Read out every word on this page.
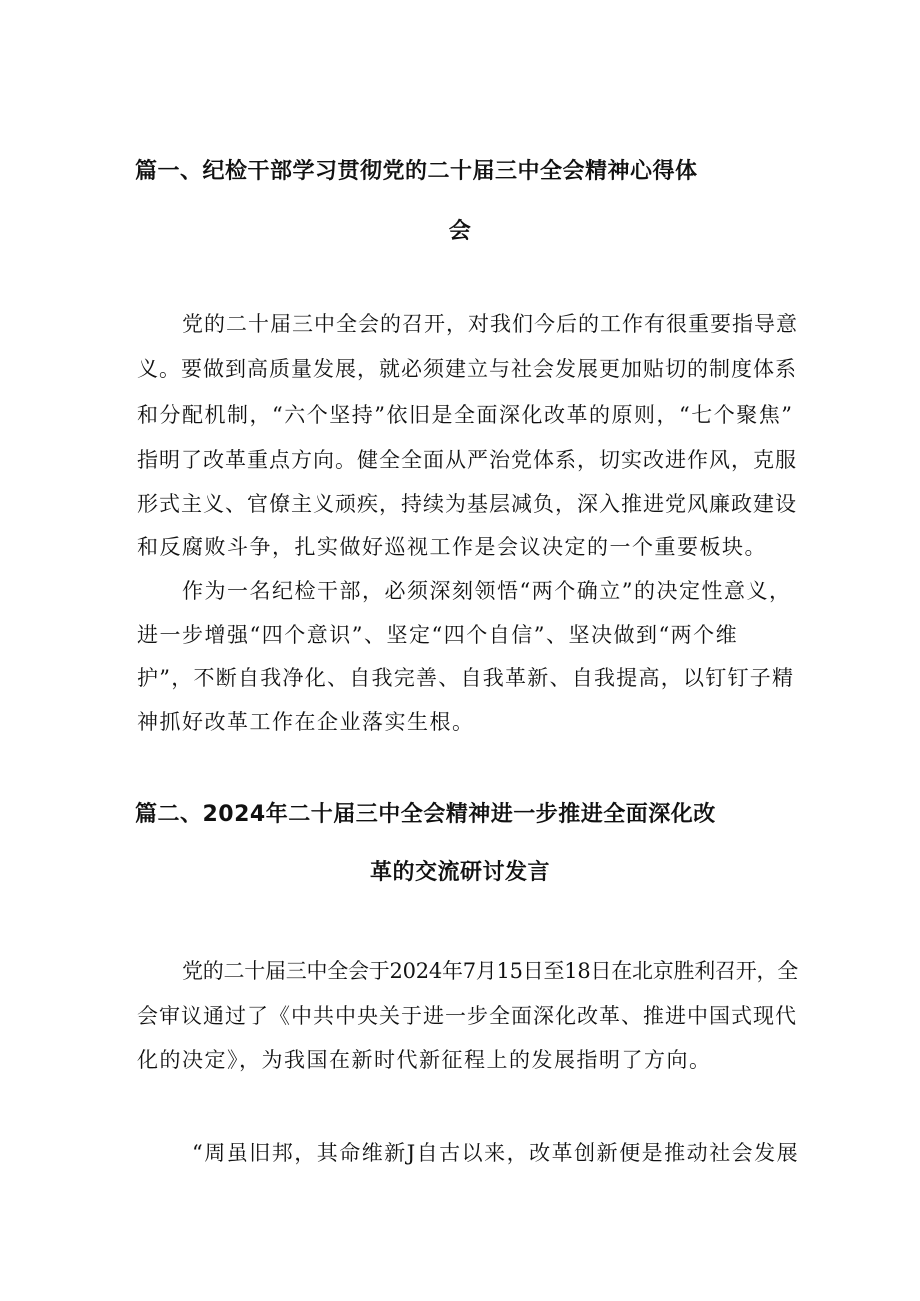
篇一、纪检干部学习贯彻党的二十届三中全会精神心得体
会
党的二十届三中全会的召开，对我们今后的工作有很重要指导意
义。要做到高质量发展，就必须建立与社会发展更加贴切的制度体系
和分配机制，“六个坚持”依旧是全面深化改革的原则，“七个聚焦”
指明了改革重点方向。健全全面从严治党体系，切实改进作风，克服
形式主义、官僚主义顽疾，持续为基层减负，深入推进党风廉政建设
和反腐败斗争，扎实做好巡视工作是会议决定的一个重要板块。
作为一名纪检干部，必须深刻领悟“两个确立”的决定性意义，
进一步增强“四个意识”、坚定“四个自信”、坚决做到“两个维
护”，不断自我净化、自我完善、自我革新、自我提高，以钉钉子精
神抓好改革工作在企业落实生根。
篇二、2024年二十届三中全会精神进一步推进全面深化改
革的交流研讨发言
党的二十届三中全会于2024年7月15日至18日在北京胜利召开，全
会审议通过了《中共中央关于进一步全面深化改革、推进中国式现代
化的决定》，为我国在新时代新征程上的发展指明了方向。
“周虽旧邦，其命维新J自古以来，改革创新便是推动社会发展
